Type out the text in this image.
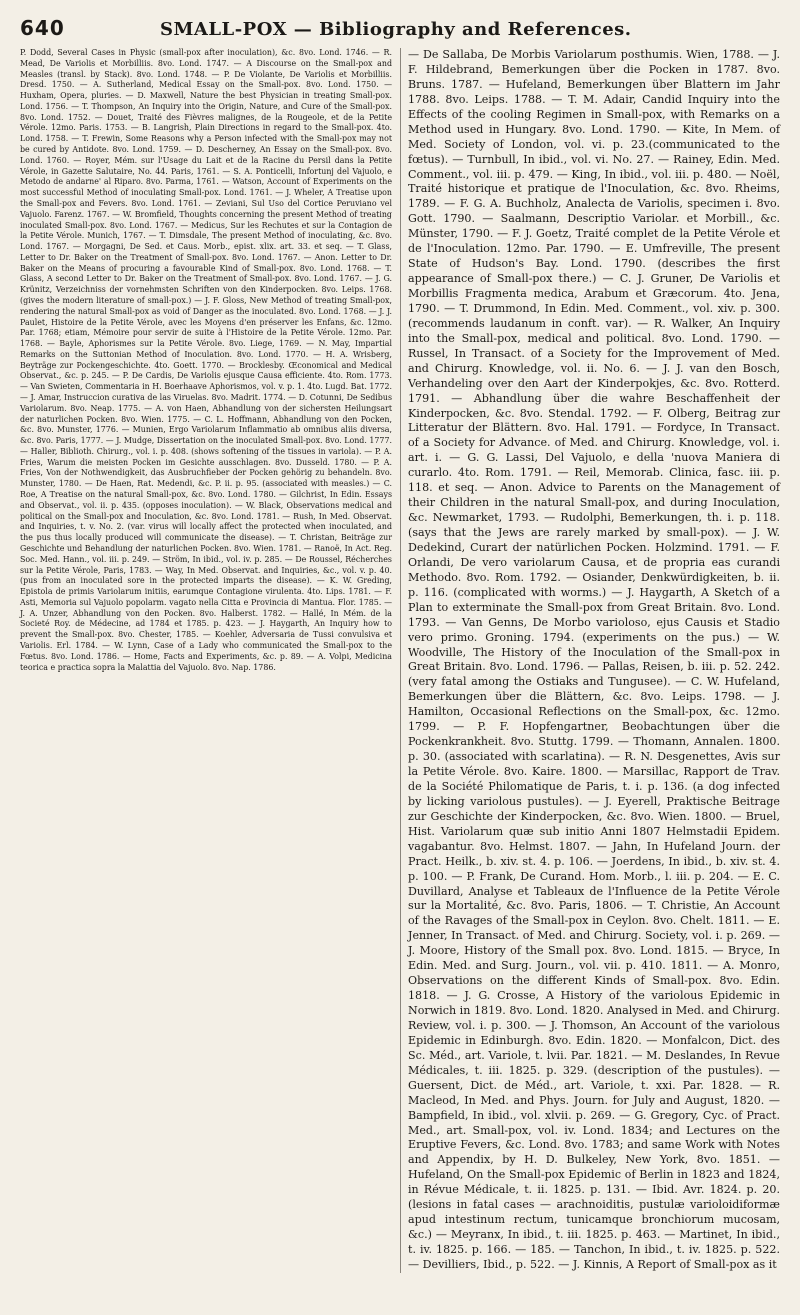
640	SMALL-POX — Bibliography and References.

P. Dodd, Several Cases in Physic (small-pox after inoculation), &c. 8vo. Lond. 1746. — R. Mead, De Variolis et Morbilliis. 8vo. Lond. 1747. — A Discourse on the Small-pox and Measles (transl. by Stack). 8vo. Lond. 1748. — P. De Violante, De Variolis et Morbilliis. Dresd. 1750. — A. Sutherland, Medical Essay on the Small-pox. 8vo. Lond. 1750. — Huxham, Opera, pluries. — D. Maxwell, Nature the best Physician in treating Small-pox. Lond. 1756. — T. Thompson, An Inquiry into the Origin, Nature, and Cure of the Small-pox. 8vo. Lond. 1752. — Douet, Traité des Fièvres malignes, de la Rougeole, et de la Petite Vérole. 12mo. Paris. 1753. — B. Langrish, Plain Directions in regard to the Small-pox. 4to. Lond. 1758. — T. Frewin, Some Reasons why a Person infected with the Small-pox may not be cured by Antidote. 8vo. Lond. 1759. — D. Descherney, An Essay on the Small-pox. 8vo. Lond. 1760. — Royer, Mém. sur l'Usage du Lait et de la Racine du Persil dans la Petite Vérole, in Gazette Salutaire, No. 44. Paris, 1761. — S. A. Ponticelli, Infortunj del Vajuolo, e Metodo de andarne' al Riparo. 8vo. Parma, 1761. — Watson, Account of Experiments on the most successful Method of inoculating Small-pox. Lond. 1761. — J. Wheler, A Treatise upon the Small-pox and Fevers. 8vo. Lond. 1761. — Zeviani, Sul Uso del Cortice Peruviano vel Vajuolo. Farenz. 1767. — W. Bromfield, Thoughts concerning the present Method of treating inoculated Small-pox. 8vo. Lond. 1767. — Medicus, Sur les Rechutes et sur la Contagion de la Petite Vérole. Munich, 1767. — T. Dimsdale, The present Method of inoculating, &c. 8vo. Lond. 1767. — Morgagni, De Sed. et Caus. Morb., epist. xlix. art. 33. et seq. — T. Glass, Letter to Dr. Baker on the Treatment of Small-pox. 8vo. Lond. 1767. — Anon. Letter to Dr. Baker on the Means of procuring a favourable Kind of Small-pox. 8vo. Lond. 1768. — T. Glass, A second Letter to Dr. Baker on the Treatment of Small-pox. 8vo. Lond. 1767. — J. G. Krünitz, Verzeichniss der vornehmsten Schriften von den Kinderpocken. 8vo. Leips. 1768. (gives the modern literature of small-pox.) — J. F. Gloss, New Method of treating Small-pox, rendering the natural Small-pox as void of Danger as the inoculated. 8vo. Lond. 1768. — J. J. Paulet, Histoire de la Petite Vérole, avec les Moyens d'en préserver les Enfans, &c. 12mo. Par. 1768; etiam, Mémoire pour servir de suite à l'Histoire de la Petite Vérole. 12mo. Par. 1768. — Bayle, Aphorismes sur la Petite Vérole. 8vo. Liege, 1769. — N. May, Impartial Remarks on the Suttonian Method of Inoculation. 8vo. Lond. 1770. — H. A. Wrisberg, Beyträge zur Pockengeschichte. 4to. Goett. 1770. — Brocklesby. Œconomical and Medical Observat., &c. p. 245. — P. De Cardis, De Variolis ejusque Causa efficiente. 4to. Rom. 1773. — Van Swieten, Commentaria in H. Boerhaave Aphorismos, vol. v. p. 1. 4to. Lugd. Bat. 1772. — J. Amar, Instruccion curativa de las Viruelas. 8vo. Madrit. 1774. — D. Cotunni, De Sedibus Variolarum. 8vo. Neap. 1775. — A. von Haen, Abhandlung von der sichersten Heilungsart der naturlichen Pocken. 8vo. Wien. 1775. — C. L. Hoffmann, Abhandlung von den Pocken, &c. 8vo. Munster, 1776. — Munien, Ergo Variolarum Inflammatio ab omnibus aliis diversa, &c. 8vo. Paris, 1777. — J. Mudge, Dissertation on the inoculated Small-pox. 8vo. Lond. 1777. — Haller, Biblioth. Chirurg., vol. i. p. 408. (shows softening of the tissues in variola). — P. A. Fries, Warum die meisten Pocken im Gesichte ausschlagen. 8vo. Dusseld. 1780. — P. A. Fries, Von der Nothwendigkeit, das Ausbruchfieber der Pocken gehörig zu behandeln. 8vo. Munster, 1780. — De Haen, Rat. Medendi, &c. P. ii. p. 95. (associated with measles.) — C. Roe, A Treatise on the natural Small-pox, &c. 8vo. Lond. 1780. — Gilchrist, In Edin. Essays and Observat., vol. ii. p. 435. (opposes inoculation). — W. Black, Observations medical and political on the Small-pox and Inoculation, &c. 8vo. Lond. 1781. — Rush, In Med. Observat. and Inquiries, t. v. No. 2. (var. virus will locally affect the protected when inoculated, and the pus thus locally produced will communicate the disease). — T. Christan, Beiträge zur Geschichte und Behandlung der naturlichen Pocken. 8vo. Wien. 1781. — Ranoë, In Act. Reg. Soc. Med. Hann., vol. iii. p. 249. — Ström, In ibid., vol. iv. p. 285. — De Roussel, Récherches sur la Petite Vérole, Paris, 1783. — Way, In Med. Observat. and Inquiries, &c., vol. v. p. 40. (pus from an inoculated sore in the protected imparts the disease). — K. W. Greding, Epistola de primis Variolarum initiis, earumque Contagione virulenta. 4to. Lips. 1781. — F. Asti, Memoria sul Vajuolo popolarm. vagato nella Citta e Provincia di Mantua. Flor. 1785. — J. A. Unzer, Abhandlung von den Pocken. 8vo. Halberst. 1782. — Hallé, In Mém. de la Societé Roy. de Médecine, ad 1784 et 1785. p. 423. — J. Haygarth, An Inquiry how to prevent the Small-pox. 8vo. Chester, 1785. — Koehler, Adversaria de Tussi convulsiva et Variolis. Erl. 1784. — W. Lynn, Case of a Lady who communicated the Small-pox to the Fœtus. 8vo. Lond. 1786. — Home, Facts and Experiments, &c. p. 89. — A. Volpi, Medicina teorica e practica sopra la Malattia del Vajuolo. 8vo. Nap. 1786.

— De Sallaba, De Morbis Variolarum posthumis. Wien, 1788. — J. F. Hildebrand, Bemerkungen über die Pocken in 1787. 8vo. Bruns. 1787. — Hufeland, Bemerkungen über Blattern im Jahr 1788. 8vo. Leips. 1788. — T. M. Adair, Candid Inquiry into the Effects of the cooling Regimen in Small-pox, with Remarks on a Method used in Hungary. 8vo. Lond. 1790. — Kite, In Mem. of Med. Society of London, vol. vi. p. 23.(communicated to the fœtus). — Turnbull, In ibid., vol. vi. No. 27. — Rainey, Edin. Med. Comment., vol. iii. p. 479. — King, In ibid., vol. iii. p. 480. — Noël, Traité historique et pratique de l'Inoculation, &c. 8vo. Rheims, 1789. — F. G. A. Buchholz, Analecta de Variolis, specimen i. 8vo. Gott. 1790. — Saalmann, Descriptio Variolar. et Morbill., &c. Münster, 1790. — F. J. Goetz, Traité complet de la Petite Vérole et de l'Inoculation. 12mo. Par. 1790. — E. Umfreville, The present State of Hudson's Bay. Lond. 1790. (describes the first appearance of Small-pox there.) — C. J. Gruner, De Variolis et Morbillis Fragmenta medica, Arabum et Græcorum. 4to. Jena, 1790. — T. Drummond, In Edin. Med. Comment., vol. xiv. p. 300. (recommends laudanum in conft. var). — R. Walker, An Inquiry into the Small-pox, medical and political. 8vo. Lond. 1790. — Russel, In Transact. of a Society for the Improvement of Med. and Chirurg. Knowledge, vol. ii. No. 6. — J. J. van den Bosch, Verhandeling over den Aart der Kinderpokjes, &c. 8vo. Rotterd. 1791. — Abhandlung über die wahre Beschaffenheit der Kinderpocken, &c. 8vo. Stendal. 1792. — F. Olberg, Beitrag zur Litteratur der Blättern. 8vo. Hal. 1791. — Fordyce, In Transact. of a Society for Advance. of Med. and Chirurg. Knowledge, vol. i. art. i. — G. G. Lassi, Del Vajuolo, e della 'nuova Maniera di curarlo. 4to. Rom. 1791. — Reil, Memorab. Clinica, fasc. iii. p. 118. et seq. — Anon. Advice to Parents on the Management of their Children in the natural Small-pox, and during Inoculation, &c. Newmarket, 1793. — Rudolphi, Bemerkungen, th. i. p. 118. (says that the Jews are rarely marked by small-pox). — J. W. Dedekind, Curart der natürlichen Pocken. Holzmind. 1791. — F. Orlandi, De vero variolarum Causa, et de propria eas curandi Methodo. 8vo. Rom. 1792. — Osiander, Denkwürdigkeiten, b. ii. p. 116. (complicated with worms.) — J. Haygarth, A Sketch of a Plan to exterminate the Small-pox from Great Britain. 8vo. Lond. 1793. — Van Genns, De Morbo varioloso, ejus Causis et Stadio vero primo. Groning. 1794. (experiments on the pus.) — W. Woodville, The History of the Inoculation of the Small-pox in Great Britain. 8vo. Lond. 1796. — Pallas, Reisen, b. iii. p. 52. 242. (very fatal among the Ostiaks and Tungusee). — C. W. Hufeland, Bemerkungen über die Blättern, &c. 8vo. Leips. 1798. — J. Hamilton, Occasional Reflections on the Small-pox, &c. 12mo. 1799. — P. F. Hopfengartner, Beobachtungen über die Pockenkrankheit. 8vo. Stuttg. 1799. — Thomann, Annalen. 1800. p. 30. (associated with scarlatina). — R. N. Desgenettes, Avis sur la Petite Vérole. 8vo. Kaire. 1800. — Marsillac, Rapport de Trav. de la Société Philomatique de Paris, t. i. p. 136. (a dog infected by licking variolous pustules). — J. Eyerell, Praktische Beitrage zur Geschichte der Kinderpocken, &c. 8vo. Wien. 1800. — Bruel, Hist. Variolarum quæ sub initio Anni 1807 Helmstadii Epidem. vagabantur. 8vo. Helmst. 1807. — Jahn, In Hufeland Journ. der Pract. Heilk., b. xiv. st. 4. p. 106. — Joerdens, In ibid., b. xiv. st. 4. p. 100. — P. Frank, De Curand. Hom. Morb., l. iii. p. 204. — E. C. Duvillard, Analyse et Tableaux de l'Influence de la Petite Vérole sur la Mortalité, &c. 8vo. Paris, 1806. — T. Christie, An Account of the Ravages of the Small-pox in Ceylon. 8vo. Chelt. 1811. — E. Jenner, In Transact. of Med. and Chirurg. Society, vol. i. p. 269. — J. Moore, History of the Small pox. 8vo. Lond. 1815. — Bryce, In Edin. Med. and Surg. Journ., vol. vii. p. 410. 1811. — A. Monro, Observations on the different Kinds of Small-pox. 8vo. Edin. 1818. — J. G. Crosse, A History of the variolous Epidemic in Norwich in 1819. 8vo. Lond. 1820. Analysed in Med. and Chirurg. Review, vol. i. p. 300. — J. Thomson, An Account of the variolous Epidemic in Edinburgh. 8vo. Edin. 1820. — Monfalcon, Dict. des Sc. Méd., art. Variole, t. lvii. Par. 1821. — M. Deslandes, In Revue Médicales, t. iii. 1825. p. 329. (description of the pustules). — Guersent, Dict. de Méd., art. Variole, t. xxi. Par. 1828. — R. Macleod, In Med. and Phys. Journ. for July and August, 1820. — Bampfield, In ibid., vol. xlvii. p. 269. — G. Gregory, Cyc. of Pract. Med., art. Small-pox, vol. iv. Lond. 1834; and Lectures on the Eruptive Fevers, &c. Lond. 8vo. 1783; and same Work with Notes and Appendix, by H. D. Bulkeley, New York, 8vo. 1851. — Hufeland, On the Small-pox Epidemic of Berlin in 1823 and 1824, in Révue Médicale, t. ii. 1825. p. 131. — Ibid. Avr. 1824. p. 20. (lesions in fatal cases — arachnoiditis, pustulæ varioloidiformæ apud intestinum rectum, tunicamque bronchiorum mucosam, &c.) — Meyranx, In ibid., t. iii. 1825. p. 463. — Martinet, In ibid., t. iv. 1825. p. 166. — 185. — Tanchon, In ibid., t. iv. 1825. p. 522. — Devilliers, Ibid., p. 522. — J. Kinnis, A Report of Small-pox as it
